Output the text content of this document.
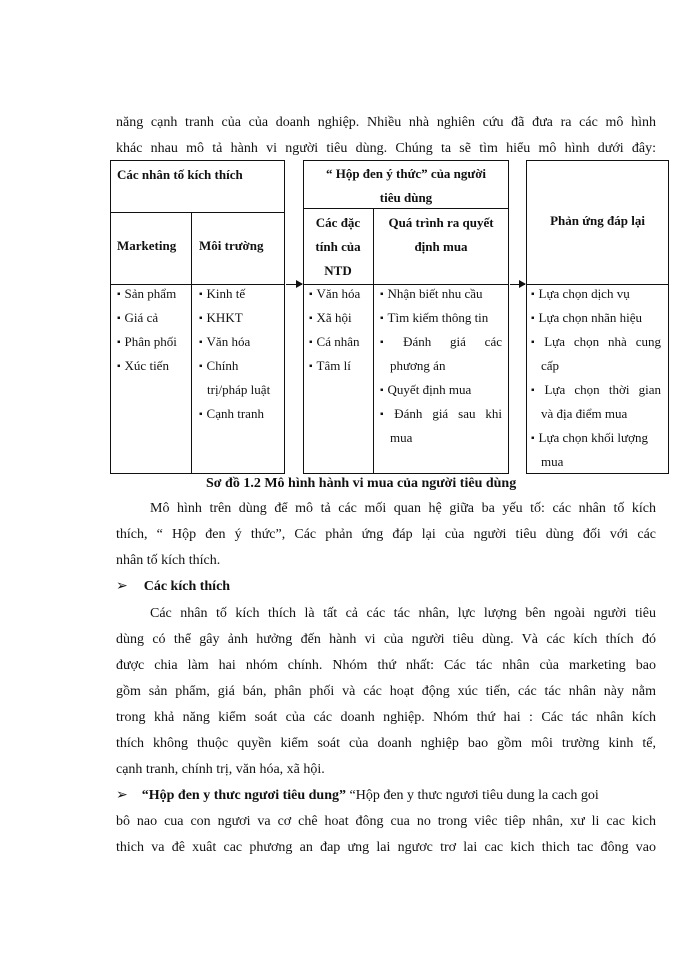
năng cạnh tranh của của doanh nghiệp. Nhiều nhà nghiên cứu đã đưa ra các mô hình
khác nhau mô tả hành vi người tiêu dùng. Chúng ta sẽ tìm hiểu mô hình dưới đây:
Các nhân tố kích thích
Marketing Môi trường
▪ Sản phẩm
▪ Giá cả
▪ Phân phối
▪ Xúc tiến
▪ Kinh tế
▪ KHKT
▪ Văn hóa
▪ Chính
trị/pháp luật
▪ Cạnh tranh
“ Hộp đen ý thức” của người
tiêu dùng
Các đặc
tính của
NTD
Quá trình ra quyết
định mua
▪ Văn hóa
▪ Xã hội
▪ Cá nhân
▪ Tâm lí
▪ Nhận biết nhu cầu
▪ Tìm kiếm thông tin
▪ Đánh giá các
phương án
▪ Quyết định mua
▪ Đánh giá sau khi
mua
Phản ứng đáp lại
▪ Lựa chọn dịch vụ
▪ Lựa chọn nhãn hiệu
▪ Lựa chọn nhà cung
cấp
▪ Lựa chọn thời gian
và địa điểm mua
▪ Lựa chọn khối lượng
mua
Sơ đồ 1.2 Mô hình hành vi mua của người tiêu dùng
Mô hình trên dùng để mô tả các mối quan hệ giữa ba yếu tố: các nhân tố kích
thích, “ Hộp đen ý thức”, Các phản ứng đáp lại của người tiêu dùng đối với các
nhân tố kích thích.
➢ Các kích thích
Các nhân tố kích thích là tất cả các tác nhân, lực lượng bên ngoài người tiêu
dùng có thể gây ảnh hưởng đến hành vi của người tiêu dùng. Và các kích thích đó
được chia làm hai nhóm chính. Nhóm thứ nhất: Các tác nhân của marketing bao
gồm sản phẩm, giá bán, phân phối và các hoạt động xúc tiến, các tác nhân này nằm
trong khả năng kiểm soát của các doanh nghiệp. Nhóm thứ hai : Các tác nhân kích
thích không thuộc quyền kiểm soát của doanh nghiệp bao gồm môi trường kinh tế,
cạnh tranh, chính trị, văn hóa, xã hội.
➢ “Hộp đen y thưc ngươi tiêu dung” “Hộp đen y thưc ngươi tiêu dung la cach goi
bô nao cua con ngươi va cơ chê hoat đông cua no trong viêc tiêp nhân, xư li cac kich
thich va đê xuât cac phương an đap ưng lai ngươc trơ lai cac kich thich tac đông vao
